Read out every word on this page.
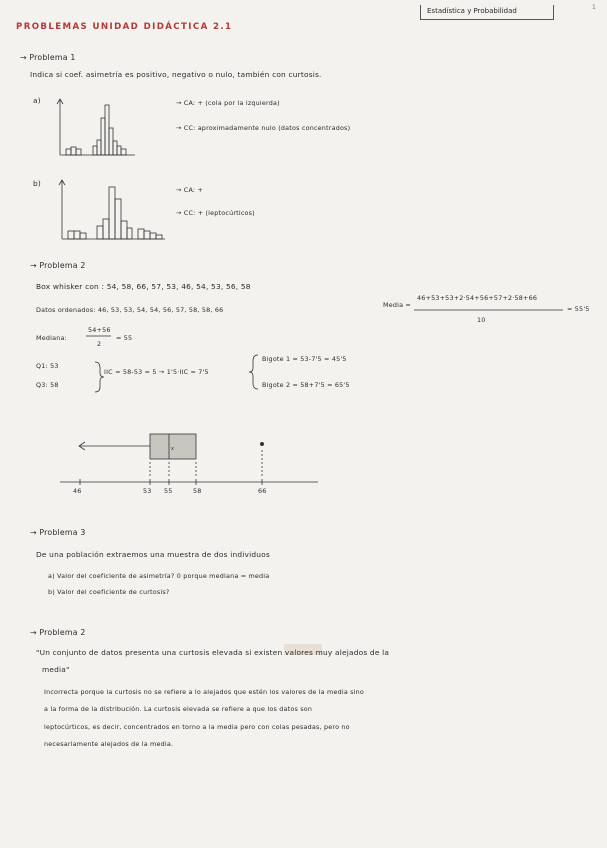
x
Estadística y Probabilidad	1
PROBLEMAS UNIDAD DIDÁCTICA 2.1
→ Problema 1
Indica si coef. asimetría es positivo, negativo o nulo, también con curtosis.
a)	→ CA: + (cola por la izquierda)
→ CC: aproximadamente nulo (datos concentrados)
b)
→ CA: +
→ CC: + (leptocúrticos)
→ Problema 2
Box whisker con : 54, 58, 66, 57, 53, 46, 54, 53, 56, 58
Datos ordenados: 46, 53, 53, 54, 54, 56, 57, 58, 58, 66
Mediana:
54+56
2
= 55
Media =
46+53+53+2·54+56+57+2·58+66
10
= 55'5
Q1: 53
Q3: 58
IIC = 58-53 = 5 → 1'5·IIC = 7'5
Bigote 1 = 53-7'5 = 45'5
Bigote 2 = 58+7'5 = 65'5
46	53 55	58	66
→ Problema 3
De una población extraemos una muestra de dos individuos
a) Valor del coeficiente de asimetría? 0 porque mediana = media
b) Valor del coeficiente de curtosis?
→ Problema 2
"Un conjunto de datos presenta una curtosis elevada si existen valores muy alejados de la
media"
Incorrecta porque la curtosis no se refiere a lo alejados que estén los valores de la media sino
a la forma de la distribución. La curtosis elevada se refiere a que los datos son
leptocúrticos, es decir, concentrados en torno a la media pero con colas pesadas, pero no
necesariamente alejados de la media.
